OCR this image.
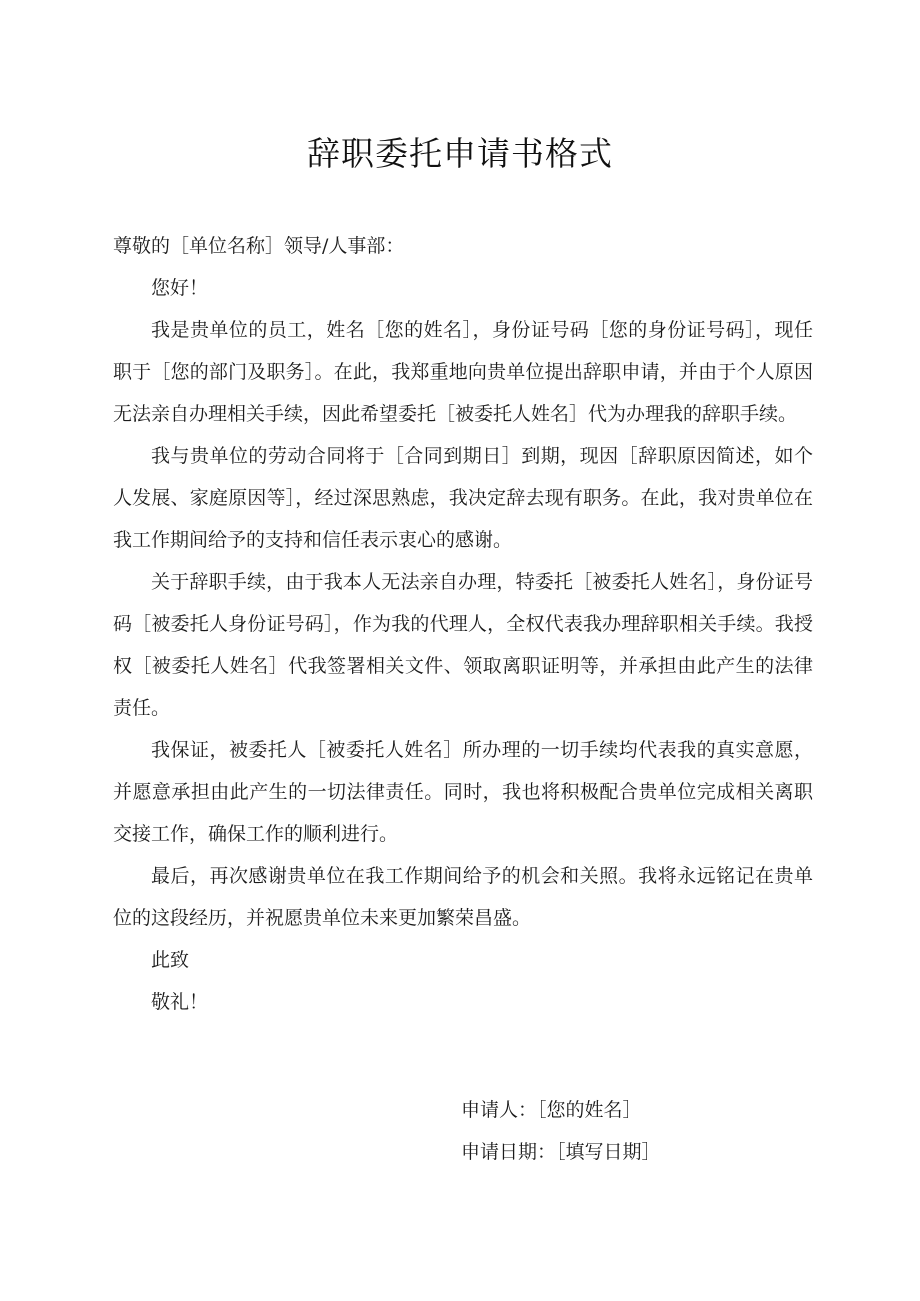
辞职委托申请书格式

尊敬的［单位名称］领导/人事部：

您好！

我是贵单位的员工，姓名［您的姓名］，身份证号码［您的身份证号码］，现任职于［您的部门及职务］。在此，我郑重地向贵单位提出辞职申请，并由于个人原因无法亲自办理相关手续，因此希望委托［被委托人姓名］代为办理我的辞职手续。

我与贵单位的劳动合同将于［合同到期日］到期，现因［辞职原因简述，如个人发展、家庭原因等］，经过深思熟虑，我决定辞去现有职务。在此，我对贵单位在我工作期间给予的支持和信任表示衷心的感谢。

关于辞职手续，由于我本人无法亲自办理，特委托［被委托人姓名］，身份证号码［被委托人身份证号码］，作为我的代理人，全权代表我办理辞职相关手续。我授权［被委托人姓名］代我签署相关文件、领取离职证明等，并承担由此产生的法律责任。

我保证，被委托人［被委托人姓名］所办理的一切手续均代表我的真实意愿，并愿意承担由此产生的一切法律责任。同时，我也将积极配合贵单位完成相关离职交接工作，确保工作的顺利进行。

最后，再次感谢贵单位在我工作期间给予的机会和关照。我将永远铭记在贵单位的这段经历，并祝愿贵单位未来更加繁荣昌盛。

此致

敬礼！

申请人：［您的姓名］
申请日期：［填写日期］
